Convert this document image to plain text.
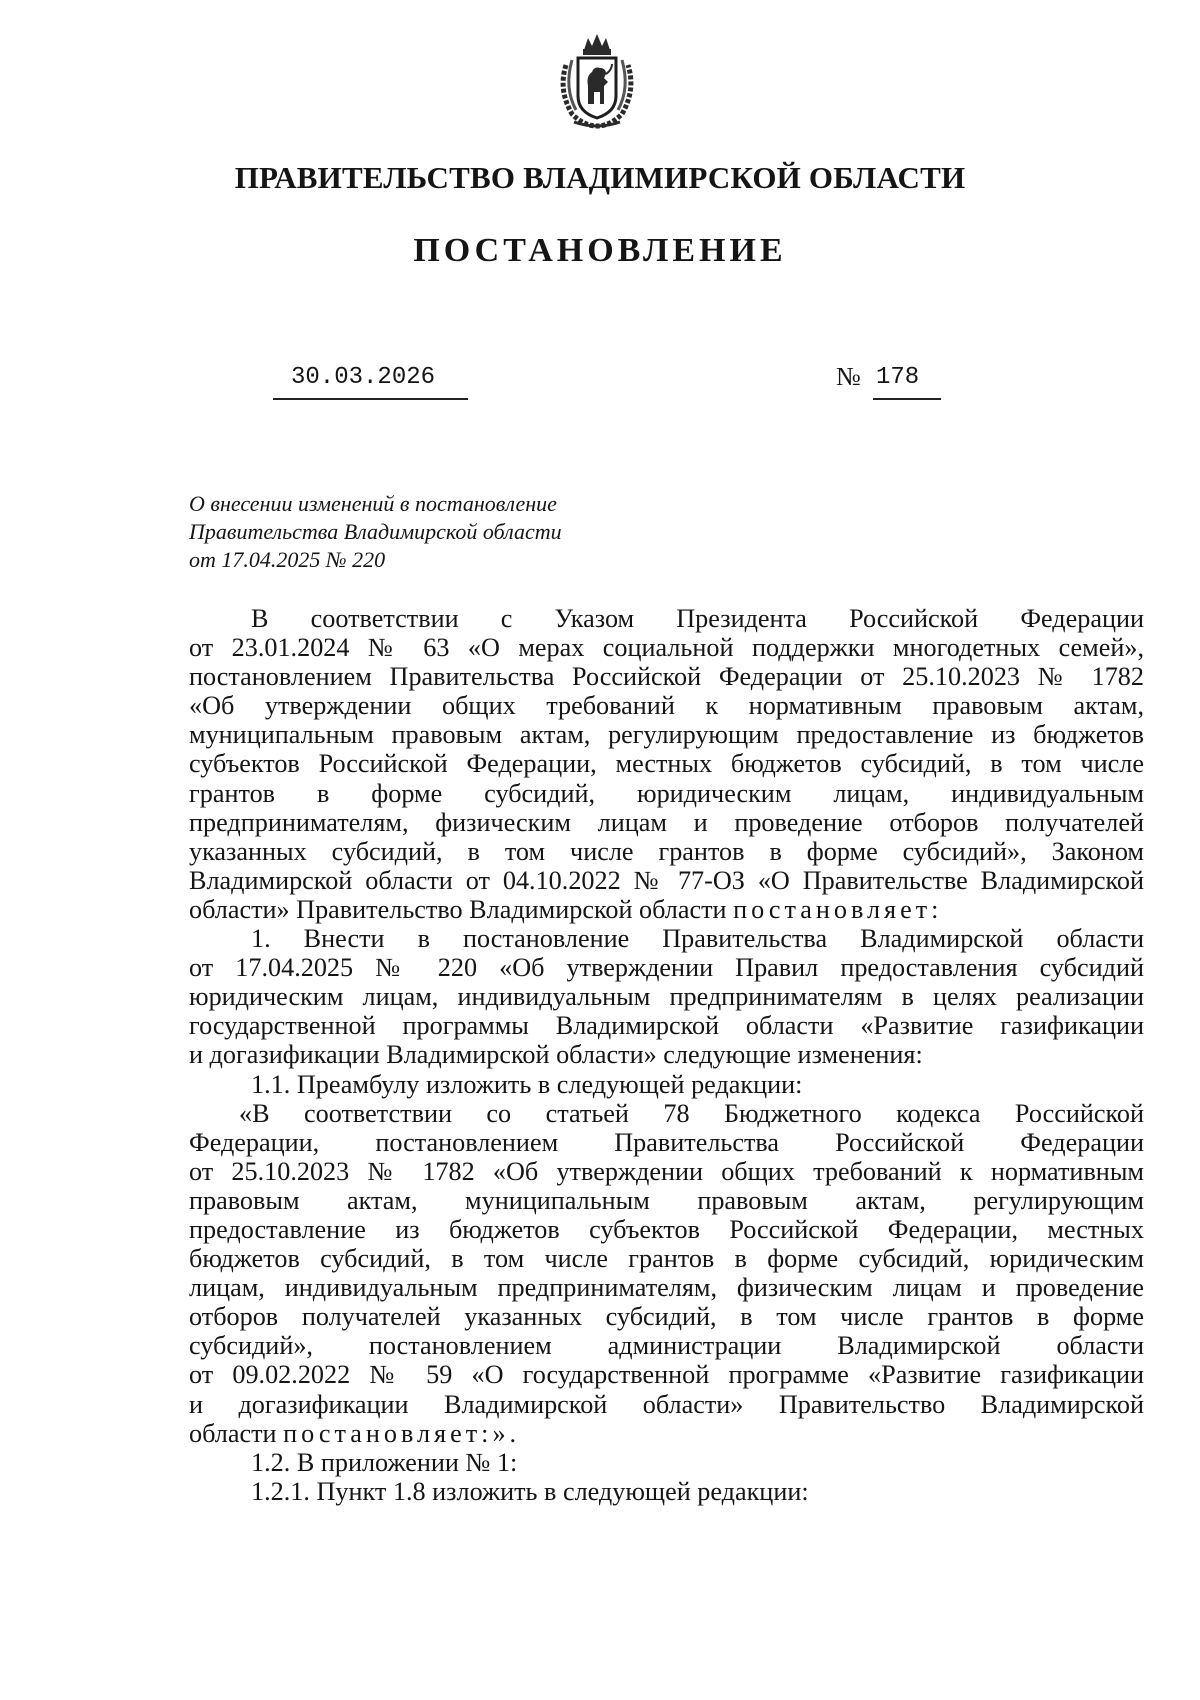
ПРАВИТЕЛЬСТВО ВЛАДИМИРСКОЙ ОБЛАСТИ
ПОСТАНОВЛЕНИЕ
30.03.2026	№ 178
О внесении изменений в постановление
Правительства Владимирской области
от 17.04.2025 № 220

В соответствии с Указом Президента Российской Федерации

от 23.01.2024 № 63 «О мерах социальной поддержки многодетных семей»,

постановлением Правительства Российской Федерации от 25.10.2023 № 1782

«Об утверждении общих требований к нормативным правовым актам,

муниципальным правовым актам, регулирующим предоставление из бюджетов

субъектов Российской Федерации, местных бюджетов субсидий, в том числе

грантов в форме субсидий, юридическим лицам, индивидуальным

предпринимателям, физическим лицам и проведение отборов получателей

указанных субсидий, в том числе грантов в форме субсидий», Законом

Владимирской области от 04.10.2022 № 77-ОЗ «О Правительстве Владимирской

области» Правительство Владимирской области постановляет:

1. Внести в постановление Правительства Владимирской области

от 17.04.2025 № 220 «Об утверждении Правил предоставления субсидий

юридическим лицам, индивидуальным предпринимателям в целях реализации

государственной программы Владимирской области «Развитие газификации

и догазификации Владимирской области» следующие изменения:

1.1. Преамбулу изложить в следующей редакции:

«В соответствии со статьей 78 Бюджетного кодекса Российской

Федерации, постановлением Правительства Российской Федерации

от 25.10.2023 № 1782 «Об утверждении общих требований к нормативным

правовым актам, муниципальным правовым актам, регулирующим

предоставление из бюджетов субъектов Российской Федерации, местных

бюджетов субсидий, в том числе грантов в форме субсидий, юридическим

лицам, индивидуальным предпринимателям, физическим лицам и проведение

отборов получателей указанных субсидий, в том числе грантов в форме

субсидий», постановлением администрации Владимирской области

от 09.02.2022 № 59 «О государственной программе «Развитие газификации

и догазификации Владимирской области» Правительство Владимирской

области постановляет:».

1.2. В приложении № 1:

1.2.1. Пункт 1.8 изложить в следующей редакции:
